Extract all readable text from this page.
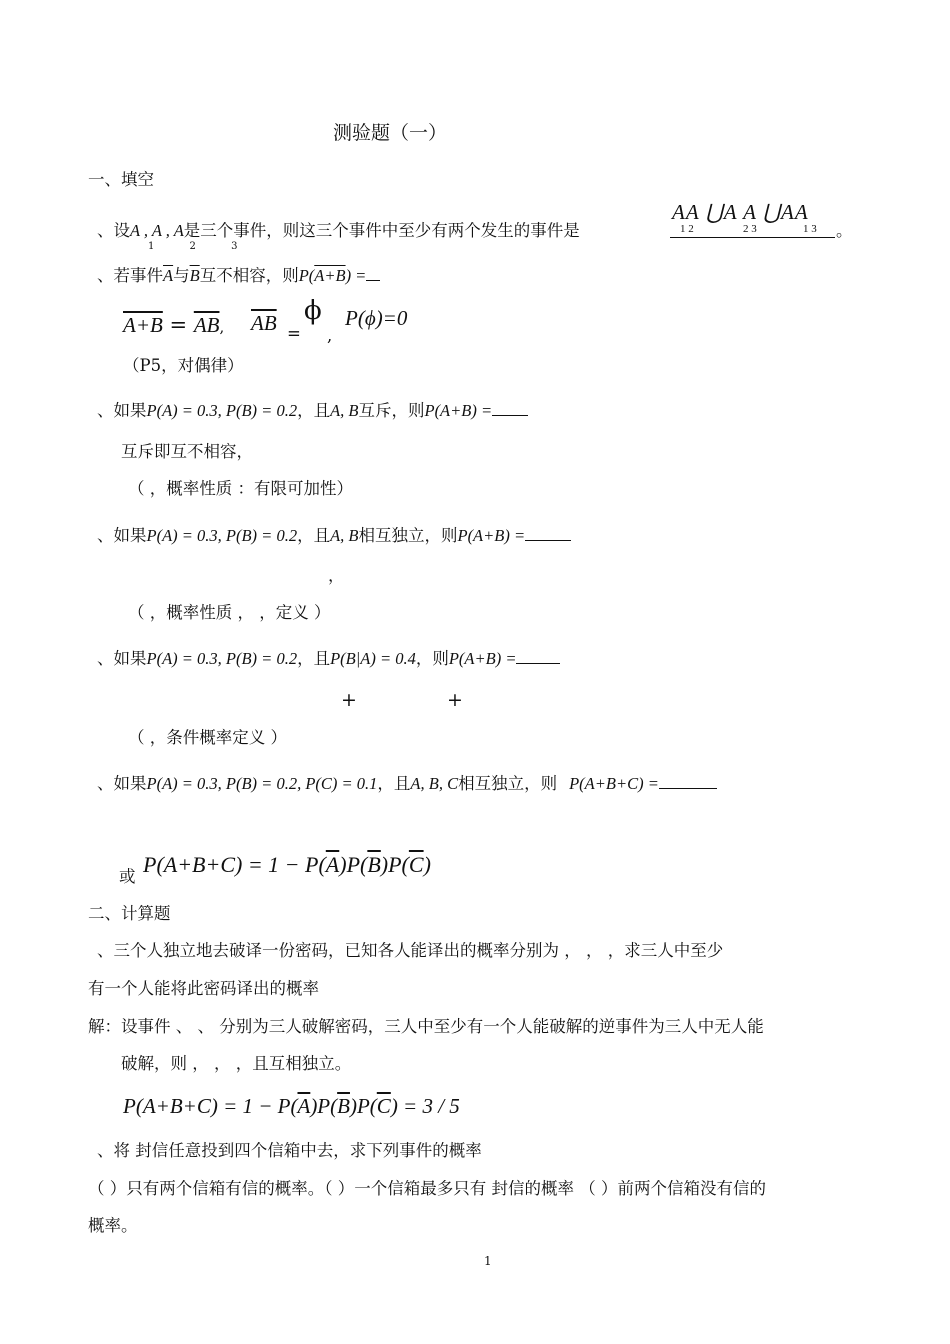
测验题（一）
一、填空
、设A , A , A是三个事件，则这三个事件中至少有两个发生的事件是
1 2 3
AA ⋃A A ⋃AA
1 2	2 3	1 3 。
、若事件$\overline{A}$与$\overline{B}$互不相容，则P(A+B) =
$A+B = \overline{AB}$, $\overline{AB}$ =
ϕ
,
P(ϕ)=0
（P5，对偶律）
、如果P(A) = 0.3, P(B) = 0.2，且A, B互斥，则P(A+B) =
互斥即互不相容，
（ ，概率性质 ：有限可加性）
、如果P(A) = 0.3, P(B) = 0.2，且A, B相互独立，则P(A+B) =
，
（ ，概率性质 ， ，定义 ）
、如果P(A) = 0.3, P(B) = 0.2，且P(B|A) = 0.4，则P(A+B) =
+	+
（ ，条件概率定义 ）
、如果P(A) = 0.3, P(B) = 0.2, P(C) = 0.1，且A, B, C相互独立，则 P(A+B+C) =
或 $P(A+B+C) = 1 - P(\overline{A})P(\overline{B})P(\overline{C})$
二、计算题
、三个人独立地去破译一份密码，已知各人能译出的概率分别为 ， ， ，求三人中至少
有一个人能将此密码译出的概率
解：设事件 、 、 分别为三人破解密码，三人中至少有一个人能破解的逆事件为三人中无人能
破解，则 ， ， ，且互相独立。
$P(A+B+C) = 1 - P(\overline{A})P(\overline{B})P(\overline{C}) = 3 / 5$
、将 封信任意投到四个信箱中去，求下列事件的概率
（ ）只有两个信箱有信的概率。（ ）一个信箱最多只有 封信的概率 （ ）前两个信箱没有信的
概率。
1
